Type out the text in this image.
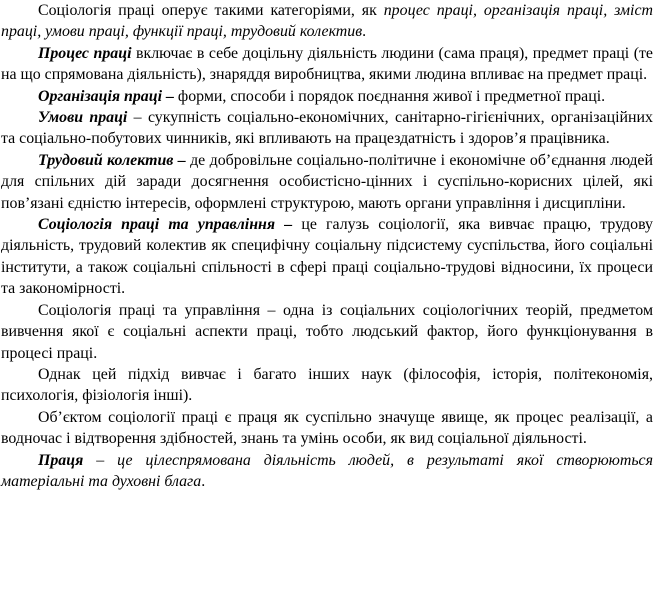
Соціологія праці оперує такими категоріями, як процес праці, організація праці, зміст праці, умови праці, функції праці, трудовий колектив.

Процес праці включає в себе доцільну діяльність людини (сама праця), предмет праці (те на що спрямована діяльність), знаряддя виробництва, якими людина впливає на предмет праці.

Організація праці – форми, способи і порядок поєднання живої і предметної праці.

Умови праці – сукупність соціально-економічних, санітарно-гігієнічних, організаційних та соціально-побутових чинників, які впливають на працездатність і здоров’я працівника.

Трудовий колектив – де добровільне соціально-політичне і економічне об’єднання людей для спільних дій заради досягнення особистісно-цінних і суспільно-корисних цілей, які пов’язані єдністю інтересів, оформлені структурою, мають органи управління і дисципліни.

Соціологія праці та управління – це галузь соціології, яка вивчає працю, трудову діяльність, трудовий колектив як специфічну соціальну підсистему суспільства, його соціальні інститути, а також соціальні спільності в сфері праці соціально-трудові відносини, їх процеси та закономірності.

Соціологія праці та управління – одна із соціальних соціологічних теорій, предметом вивчення якої є соціальні аспекти праці, тобто людський фактор, його функціонування в процесі праці.

Однак цей підхід вивчає і багато інших наук (філософія, історія, політекономія, психологія, фізіологія інші).

Об’єктом соціології праці є праця як суспільно значуще явище, як процес реалізації, а водночас і відтворення здібностей, знань та умінь особи, як вид соціальної діяльності.

Праця – це цілеспрямована діяльність людей, в результаті якої створюються матеріальні та духовні блага.
